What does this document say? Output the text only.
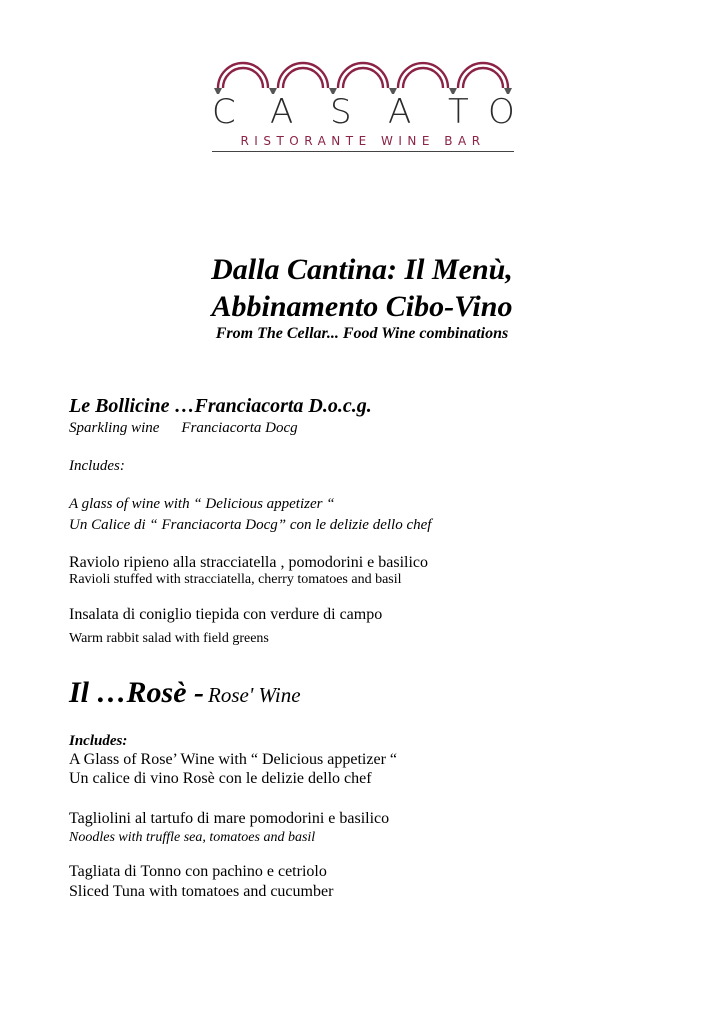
C A S A T O
RISTORANTE WINE BAR
Dalla Cantina: Il Menù,
Abbinamento Cibo-Vino
From The Cellar... Food Wine combinations
Le Bollicine …Franciacorta D.o.c.g.
Sparkling wine Franciacorta Docg
Includes:
A glass of wine with “ Delicious appetizer “
Un Calice di “ Franciacorta Docg” con le delizie dello chef
Raviolo ripieno alla stracciatella , pomodorini e basilico
Ravioli stuffed with stracciatella, cherry tomatoes and basil
Insalata di coniglio tiepida con verdure di campo
Warm rabbit salad with field greens
Il …Rosè - Rose' Wine
Includes:
A Glass of Rose’ Wine with “ Delicious appetizer “
Un calice di vino Rosè con le delizie dello chef
Tagliolini al tartufo di mare pomodorini e basilico
Noodles with truffle sea, tomatoes and basil
Tagliata di Tonno con pachino e cetriolo
Sliced Tuna with tomatoes and cucumber
